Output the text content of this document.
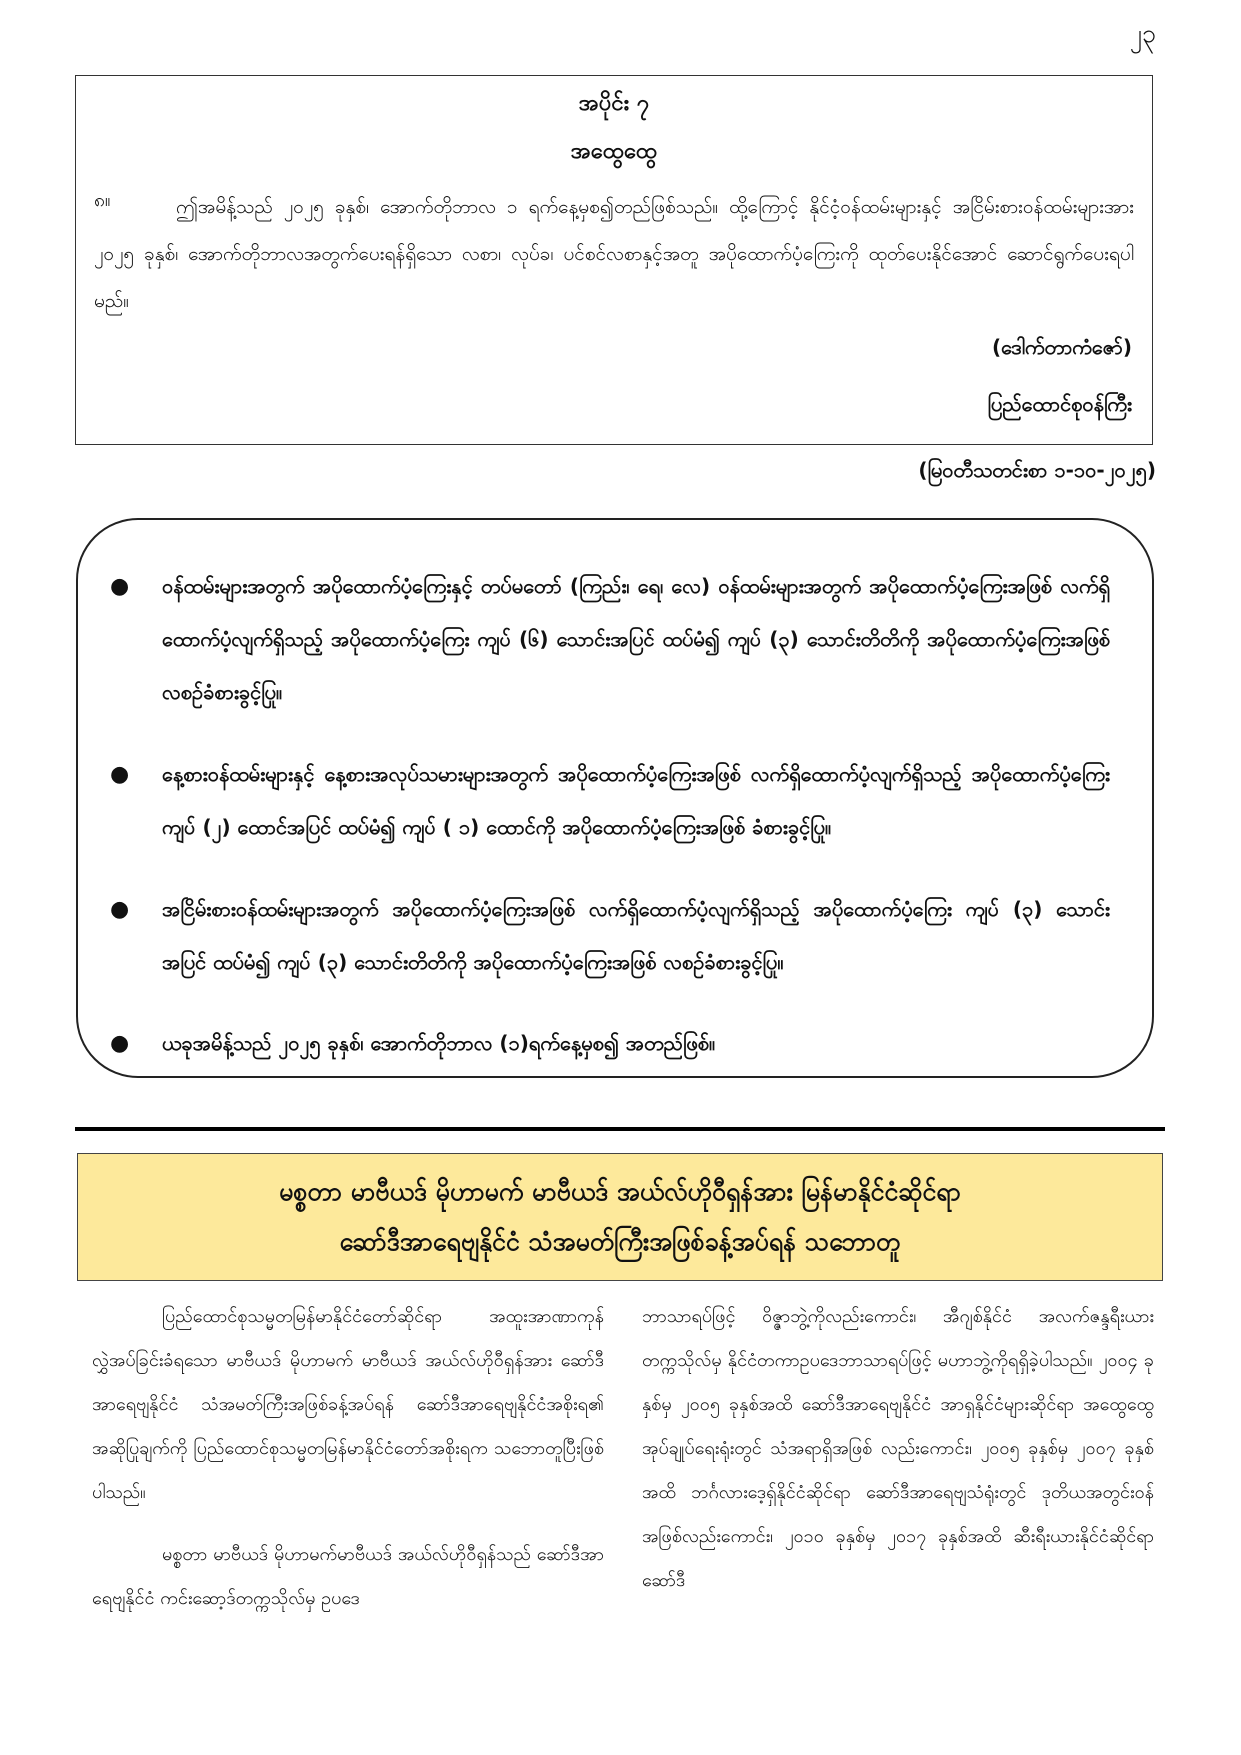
၂၃
အပိုင်း ၇
အထွေထွေ
၈။	ဤအမိန့်သည် ၂၀၂၅ ခုနှစ်၊ အောက်တိုဘာလ ၁ ရက်နေ့မှစ၍တည်ဖြစ်သည်။ ထို့ကြောင့် နိုင်ငံ့ဝန်ထမ်းများနှင့် အငြိမ်းစားဝန်ထမ်းများအား ၂၀၂၅ ခုနှစ်၊ အောက်တိုဘာလအတွက်ပေးရန်ရှိသော လစာ၊ လုပ်ခ၊ ပင်စင်လစာနှင့်အတူ အပိုထောက်ပံ့ကြေးကို ထုတ်ပေးနိုင်အောင် ဆောင်ရွက်ပေးရပါမည်။

(ဒေါက်တာကံဇော်)
ပြည်ထောင်စုဝန်ကြီး
(မြဝတီသတင်းစာ ၁-၁၀-၂၀၂၅)
●	ဝန်ထမ်းများအတွက် အပိုထောက်ပံ့ကြေးနှင့် တပ်မတော် (ကြည်း၊ ရေ၊ လေ) ဝန်ထမ်းများအတွက် အပိုထောက်ပံ့ကြေးအဖြစ် လက်ရှိထောက်ပံ့လျက်ရှိသည့် အပိုထောက်ပံ့ကြေး ကျပ် (၆) သောင်းအပြင် ထပ်မံ၍ ကျပ် (၃) သောင်းတိတိကို အပိုထောက်ပံ့ကြေးအဖြစ် လစဉ်ခံစားခွင့်ပြု။

●	နေ့စားဝန်ထမ်းများနှင့် နေ့စားအလုပ်သမားများအတွက် အပိုထောက်ပံ့ကြေးအဖြစ် လက်ရှိထောက်ပံ့လျက်ရှိသည့် အပိုထောက်ပံ့ကြေး ကျပ် (၂) ထောင်အပြင် ထပ်မံ၍ ကျပ် ( ၁) ထောင်ကို အပိုထောက်ပံ့ကြေးအဖြစ် ခံစားခွင့်ပြု။

●	အငြိမ်းစားဝန်ထမ်းများအတွက် အပိုထောက်ပံ့ကြေးအဖြစ် လက်ရှိထောက်ပံ့လျက်ရှိသည့် အပိုထောက်ပံ့ကြေး ကျပ် (၃) သောင်းအပြင် ထပ်မံ၍ ကျပ် (၃) သောင်းတိတိကို အပိုထောက်ပံ့ကြေးအဖြစ် လစဉ်ခံစားခွင့်ပြု။

●	ယခုအမိန့်သည် ၂၀၂၅ ခုနှစ်၊ အောက်တိုဘာလ (၁)ရက်နေ့မှစ၍ အတည်ဖြစ်။

မစ္စတာ မာဗီယဒ် မိုဟာမက် မာဗီယဒ် အယ်လ်ဟိုဝီရှန်အား မြန်မာနိုင်ငံဆိုင်ရာ
ဆော်ဒီအာရေဗျနိုင်ငံ သံအမတ်ကြီးအဖြစ်ခန့်အပ်ရန် သဘောတူ

ပြည်ထောင်စုသမ္မတမြန်မာနိုင်ငံတော်ဆိုင်ရာ အထူးအာဏာကုန်လွှဲအပ်ခြင်းခံရသော မာဗီယဒ် မိုဟာမက် မာဗီယဒ် အယ်လ်ဟိုဝီရှန်အား ဆော်ဒီအာရေဗျနိုင်ငံ သံအမတ်ကြီးအဖြစ်ခန့်အပ်ရန် ဆော်ဒီအာရေဗျနိုင်ငံအစိုးရ၏ အဆိုပြုချက်ကို ပြည်ထောင်စုသမ္မတမြန်မာနိုင်ငံတော်အစိုးရက သဘောတူပြီးဖြစ်ပါသည်။

မစ္စတာ မာဗီယဒ် မိုဟာမက်မာဗီယဒ် အယ်လ်ဟိုဝီရှန်သည် ဆော်ဒီအာရေဗျနိုင်ငံ ကင်းဆော့ဒ်တက္ကသိုလ်မှ ဥပဒေ

ဘာသာရပ်ဖြင့် ဝိဇ္ဇာဘွဲ့ကိုလည်းကောင်း၊ အီဂျစ်နိုင်ငံ အလက်ဇန္ဒရီးယားတက္ကသိုလ်မှ နိုင်ငံတကာဥပဒေဘာသာရပ်ဖြင့် မဟာဘွဲ့ကိုရရှိခဲ့ပါသည်။ ၂၀၀၄ ခုနှစ်မှ ၂၀၀၅ ခုနှစ်အထိ ဆော်ဒီအာရေဗျနိုင်ငံ အာရှနိုင်ငံများဆိုင်ရာ အထွေထွေအုပ်ချုပ်ရေးရုံးတွင် သံအရာရှိအဖြစ် လည်းကောင်း၊ ၂၀၀၅ ခုနှစ်မှ ၂၀၀၇ ခုနှစ်အထိ ဘင်္ဂလားဒေ့ရှ်နိုင်ငံဆိုင်ရာ ဆော်ဒီအာရေဗျသံရုံးတွင် ဒုတိယအတွင်းဝန်အဖြစ်လည်းကောင်း၊ ၂၀၁၀ ခုနှစ်မှ ၂၀၁၇ ခုနှစ်အထိ ဆီးရီးယားနိုင်ငံဆိုင်ရာ ဆော်ဒီ
